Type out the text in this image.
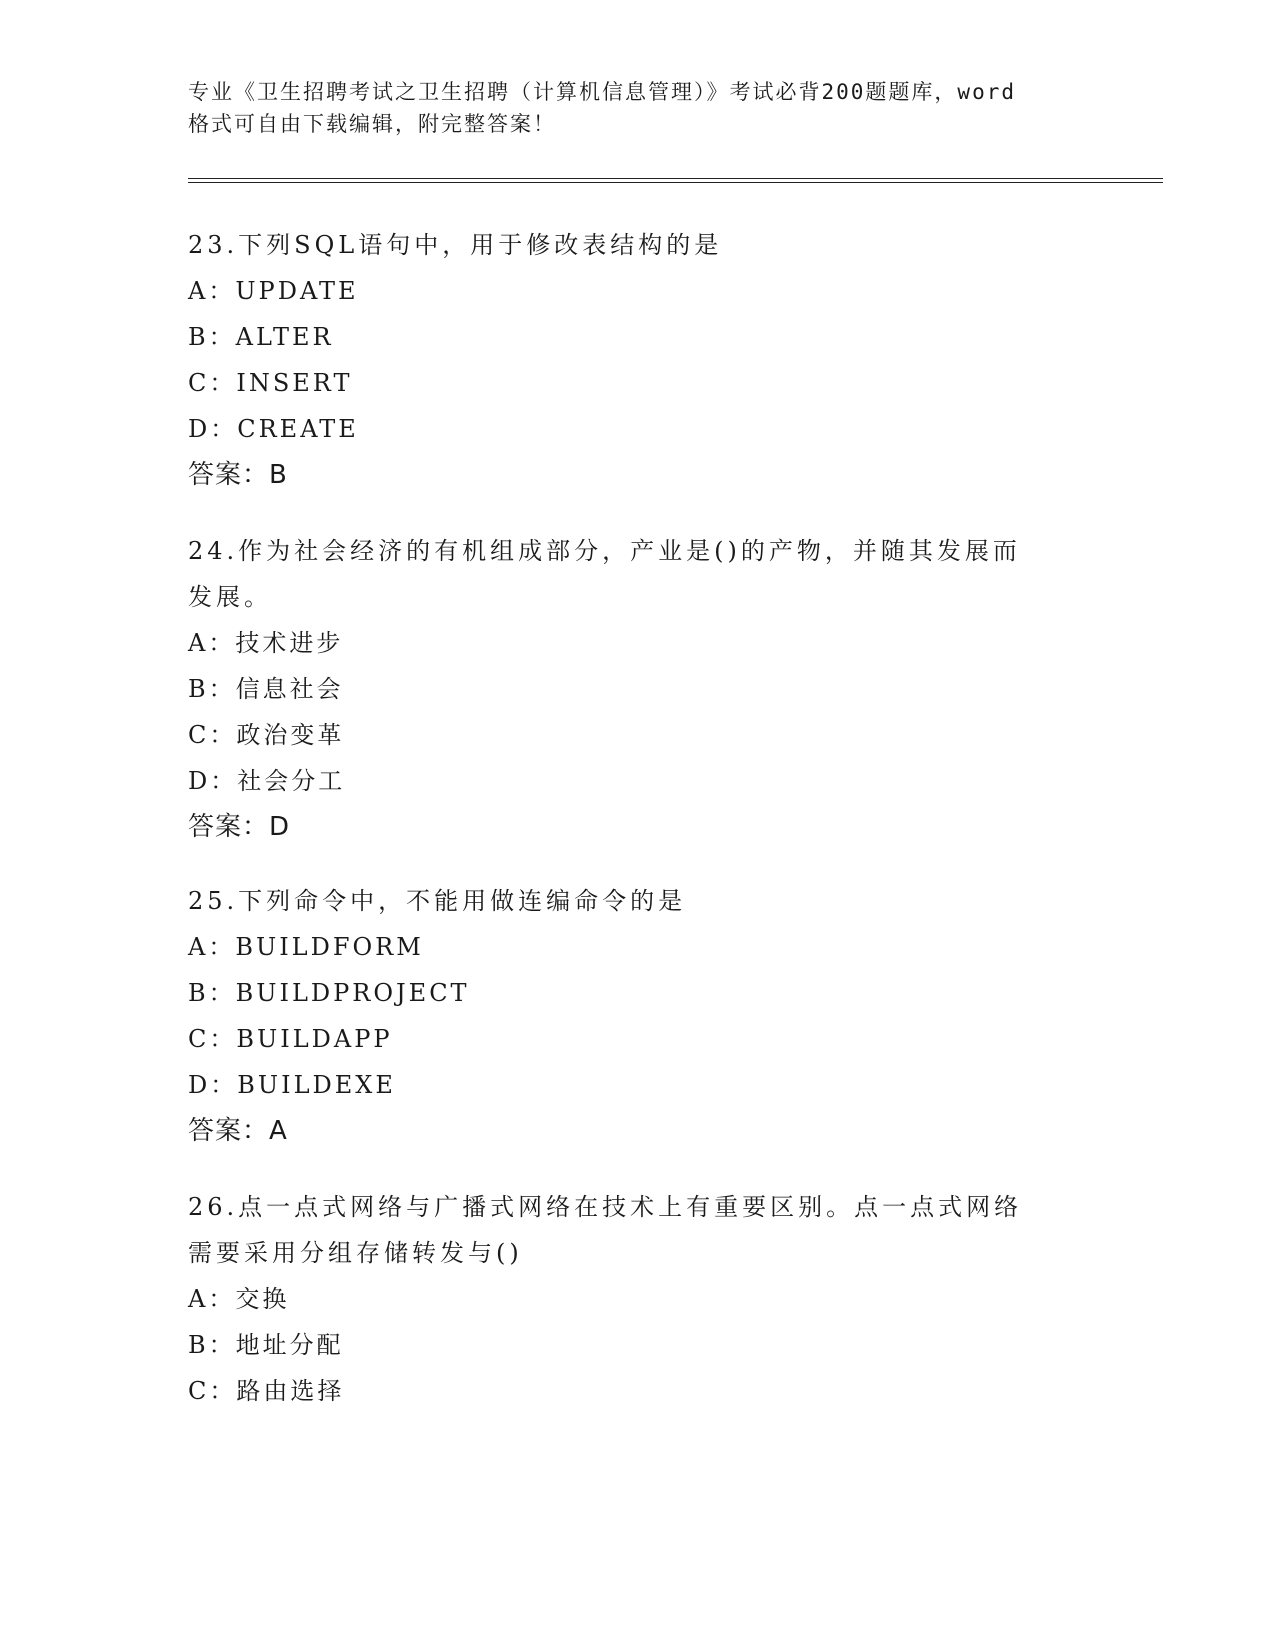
专业《卫生招聘考试之卫生招聘（计算机信息管理）》考试必背200题题库，word
格式可自由下载编辑，附完整答案！
23.下列SQL语句中，用于修改表结构的是
A：UPDATE
B：ALTER
C：INSERT
D：CREATE
答案：B
24.作为社会经济的有机组成部分，产业是()的产物，并随其发展而发展。
A：技术进步
B：信息社会
C：政治变革
D：社会分工
答案：D
25.下列命令中，不能用做连编命令的是
A：BUILDFORM
B：BUILDPROJECT
C：BUILDAPP
D：BUILDEXE
答案：A
26.点一点式网络与广播式网络在技术上有重要区别。点一点式网络需要采用分组存储转发与()
A：交换
B：地址分配
C：路由选择
